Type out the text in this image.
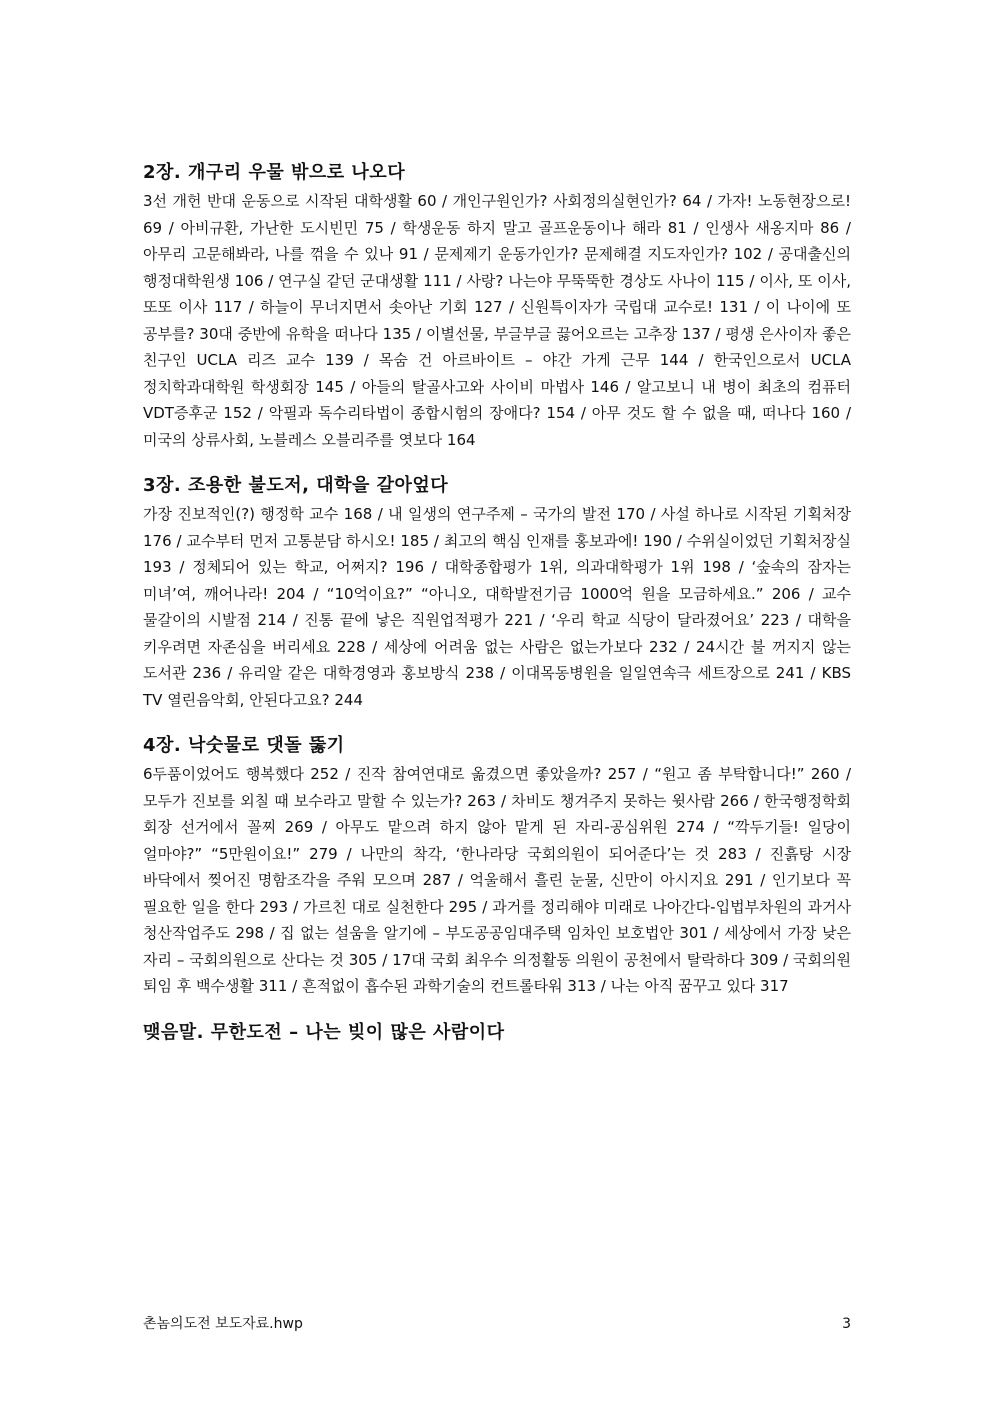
2장. 개구리 우물 밖으로 나오다

3선 개헌 반대 운동으로 시작된 대학생활 60 / 개인구원인가? 사회정의실현인가? 64 / 가자! 노동현장으로! 69 / 아비규환, 가난한 도시빈민 75 / 학생운동 하지 말고 골프운동이나 해라 81 / 인생사 새옹지마 86 / 아무리 고문해봐라, 나를 꺾을 수 있나 91 / 문제제기 운동가인가? 문제해결 지도자인가? 102 / 공대출신의 행정대학원생 106 / 연구실 같던 군대생활 111 / 사랑? 나는야 무뚝뚝한 경상도 사나이 115 / 이사, 또 이사, 또또 이사 117 / 하늘이 무너지면서 솟아난 기회 127 / 신원특이자가 국립대 교수로! 131 / 이 나이에 또 공부를? 30대 중반에 유학을 떠나다 135 / 이별선물, 부글부글 끓어오르는 고추장 137 / 평생 은사이자 좋은 친구인 UCLA 리즈 교수 139 / 목숨 건 아르바이트 – 야간 가게 근무 144 / 한국인으로서 UCLA 정치학과대학원 학생회장 145 / 아들의 탈골사고와 사이비 마법사 146 / 알고보니 내 병이 최초의 컴퓨터 VDT증후군 152 / 악필과 독수리타법이 종합시험의 장애다? 154 / 아무 것도 할 수 없을 때, 떠나다 160 / 미국의 상류사회, 노블레스 오블리주를 엿보다 164

3장. 조용한 불도저, 대학을 갈아엎다

가장 진보적인(?) 행정학 교수 168 / 내 일생의 연구주제 – 국가의 발전 170 / 사설 하나로 시작된 기획처장 176 / 교수부터 먼저 고통분담 하시오! 185 / 최고의 핵심 인재를 홍보과에! 190 / 수위실이었던 기획처장실 193 / 정체되어 있는 학교, 어쩌지? 196 / 대학종합평가 1위, 의과대학평가 1위 198 / ‘숲속의 잠자는 미녀’여, 깨어나라! 204 / “10억이요?” “아니오, 대학발전기금 1000억 원을 모금하세요.” 206 / 교수 물갈이의 시발점 214 / 진통 끝에 낳은 직원업적평가 221 / ‘우리 학교 식당이 달라졌어요’ 223 / 대학을 키우려면 자존심을 버리세요 228 / 세상에 어려움 없는 사람은 없는가보다 232 / 24시간 불 꺼지지 않는 도서관 236 / 유리알 같은 대학경영과 홍보방식 238 / 이대목동병원을 일일연속극 세트장으로 241 / KBS TV 열린음악회, 안된다고요? 244

4장. 낙숫물로 댓돌 뚫기

6두품이었어도 행복했다 252 / 진작 참여연대로 옮겼으면 좋았을까? 257 / “원고 좀 부탁합니다!” 260 / 모두가 진보를 외칠 때 보수라고 말할 수 있는가? 263 / 차비도 챙겨주지 못하는 윗사람 266 / 한국행정학회 회장 선거에서 꼴찌 269 / 아무도 맡으려 하지 않아 맡게 된 자리-공심위원 274 / “깍두기들! 일당이 얼마야?” “5만원이요!” 279 / 나만의 착각, ‘한나라당 국회의원이 되어준다’는 것 283 / 진흙탕 시장 바닥에서 찢어진 명함조각을 주워 모으며 287 / 억울해서 흘린 눈물, 신만이 아시지요 291 / 인기보다 꼭 필요한 일을 한다 293 / 가르친 대로 실천한다 295 / 과거를 정리해야 미래로 나아간다-입법부차원의 과거사 청산작업주도 298 / 집 없는 설움을 알기에 – 부도공공임대주택 임차인 보호법안 301 / 세상에서 가장 낮은 자리 – 국회의원으로 산다는 것 305 / 17대 국회 최우수 의정활동 의원이 공천에서 탈락하다 309 / 국회의원 퇴임 후 백수생활 311 / 흔적없이 흡수된 과학기술의 컨트롤타워 313 / 나는 아직 꿈꾸고 있다 317

맺음말. 무한도전 – 나는 빚이 많은 사람이다
촌놈의도전 보도자료.hwp	3
